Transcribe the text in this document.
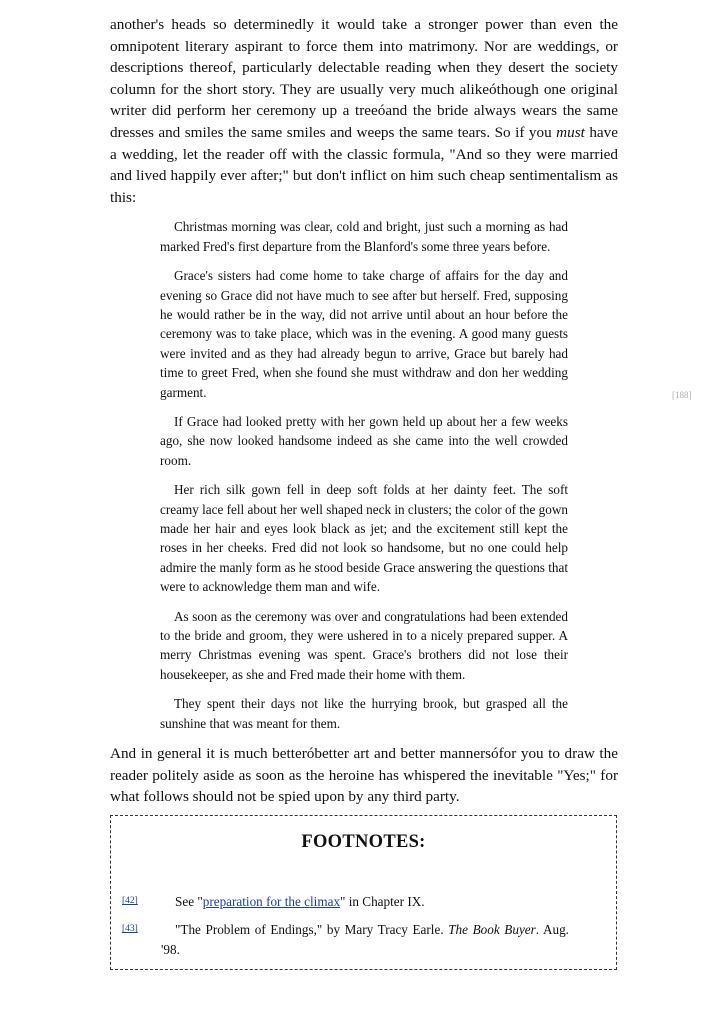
another's heads so determinedly it would take a stronger power than even the omnipotent literary aspirant to force them into matrimony. Nor are weddings, or descriptions thereof, particularly delectable reading when they desert the society column for the short story. They are usually very much alikeóthough one original writer did perform her ceremony up a treeóand the bride always wears the same dresses and smiles the same smiles and weeps the same tears. So if you must have a wedding, let the reader off with the classic formula, "And so they were married and lived happily ever after;" but don't inflict on him such cheap sentimentalism as this:

Christmas morning was clear, cold and bright, just such a morning as had marked Fred's first departure from the Blanford's some three years before.

Grace's sisters had come home to take charge of affairs for the day and evening so Grace did not have much to see after but herself. Fred, supposing he would rather be in the way, did not arrive until about an hour before the ceremony was to take place, which was in the evening. A good many guests were invited and as they had already begun to arrive, Grace but barely had time to greet Fred, when she found she must withdraw and don her wedding garment.

If Grace had looked pretty with her gown held up about her a few weeks ago, she now looked handsome indeed as she came into the well crowded room.

Her rich silk gown fell in deep soft folds at her dainty feet. The soft creamy lace fell about her well shaped neck in clusters; the color of the gown made her hair and eyes look black as jet; and the excitement still kept the roses in her cheeks. Fred did not look so handsome, but no one could help admire the manly form as he stood beside Grace answering the questions that were to acknowledge them man and wife.

As soon as the ceremony was over and congratulations had been extended to the bride and groom, they were ushered in to a nicely prepared supper. A merry Christmas evening was spent. Grace's brothers did not lose their housekeeper, as she and Fred made their home with them.

They spent their days not like the hurrying brook, but grasped all the sunshine that was meant for them.

And in general it is much betteróbetter art and better mannersófor you to draw the reader politely aside as soon as the heroine has whispered the inevitable "Yes;" for what follows should not be spied upon by any third party.

[188]
FOOTNOTES:
[42]	See "preparation for the climax" in Chapter IX.
[43]	"The Problem of Endings," by Mary Tracy Earle. The Book Buyer. Aug. '98.
